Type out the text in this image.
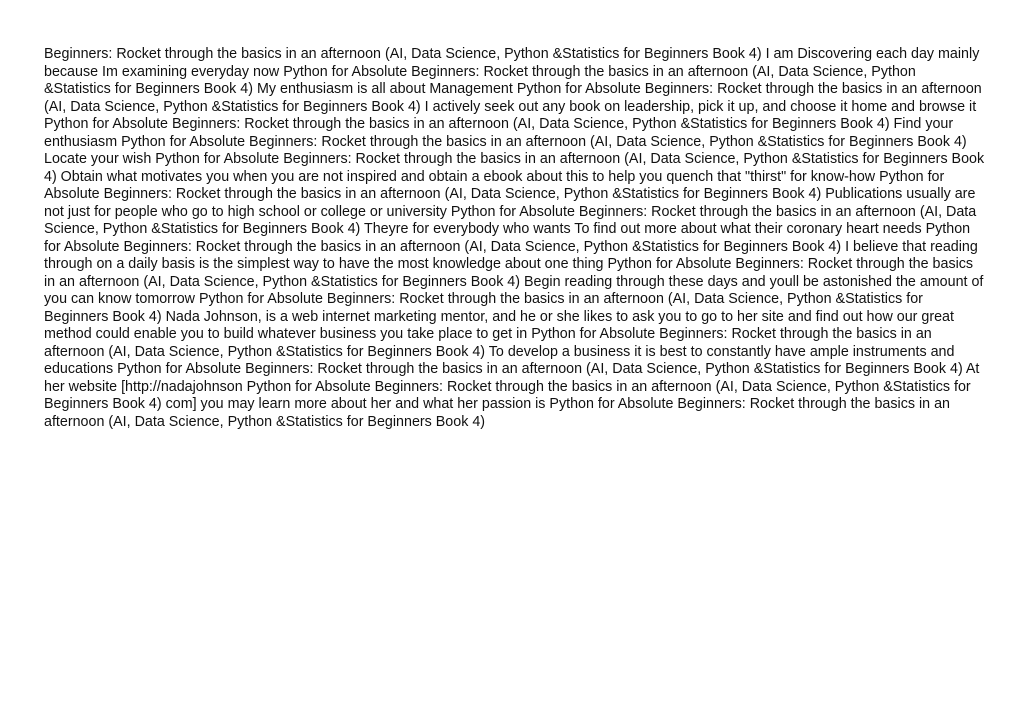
Beginners: Rocket through the basics in an afternoon (AI, Data Science, Python &Statistics for Beginners Book 4) I am Discovering each day mainly because Im examining everyday now Python for Absolute Beginners: Rocket through the basics in an afternoon (AI, Data Science, Python &Statistics for Beginners Book 4) My enthusiasm is all about Management Python for Absolute Beginners: Rocket through the basics in an afternoon (AI, Data Science, Python &Statistics for Beginners Book 4) I actively seek out any book on leadership, pick it up, and choose it home and browse it Python for Absolute Beginners: Rocket through the basics in an afternoon (AI, Data Science, Python &Statistics for Beginners Book 4) Find your enthusiasm Python for Absolute Beginners: Rocket through the basics in an afternoon (AI, Data Science, Python &Statistics for Beginners Book 4) Locate your wish Python for Absolute Beginners: Rocket through the basics in an afternoon (AI, Data Science, Python &Statistics for Beginners Book 4) Obtain what motivates you when you are not inspired and obtain a ebook about this to help you quench that "thirst" for know-how Python for Absolute Beginners: Rocket through the basics in an afternoon (AI, Data Science, Python &Statistics for Beginners Book 4) Publications usually are not just for people who go to high school or college or university Python for Absolute Beginners: Rocket through the basics in an afternoon (AI, Data Science, Python &Statistics for Beginners Book 4) Theyre for everybody who wants To find out more about what their coronary heart needs Python for Absolute Beginners: Rocket through the basics in an afternoon (AI, Data Science, Python &Statistics for Beginners Book 4) I believe that reading through on a daily basis is the simplest way to have the most knowledge about one thing Python for Absolute Beginners: Rocket through the basics in an afternoon (AI, Data Science, Python &Statistics for Beginners Book 4) Begin reading through these days and youll be astonished the amount of you can know tomorrow Python for Absolute Beginners: Rocket through the basics in an afternoon (AI, Data Science, Python &Statistics for Beginners Book 4) Nada Johnson, is a web internet marketing mentor, and he or she likes to ask you to go to her site and find out how our great method could enable you to build whatever business you take place to get in Python for Absolute Beginners: Rocket through the basics in an afternoon (AI, Data Science, Python &Statistics for Beginners Book 4) To develop a business it is best to constantly have ample instruments and educations Python for Absolute Beginners: Rocket through the basics in an afternoon (AI, Data Science, Python &Statistics for Beginners Book 4) At her website [http://nadajohnson Python for Absolute Beginners: Rocket through the basics in an afternoon (AI, Data Science, Python &Statistics for Beginners Book 4) com] you may learn more about her and what her passion is Python for Absolute Beginners: Rocket through the basics in an afternoon (AI, Data Science, Python &Statistics for Beginners Book 4)
